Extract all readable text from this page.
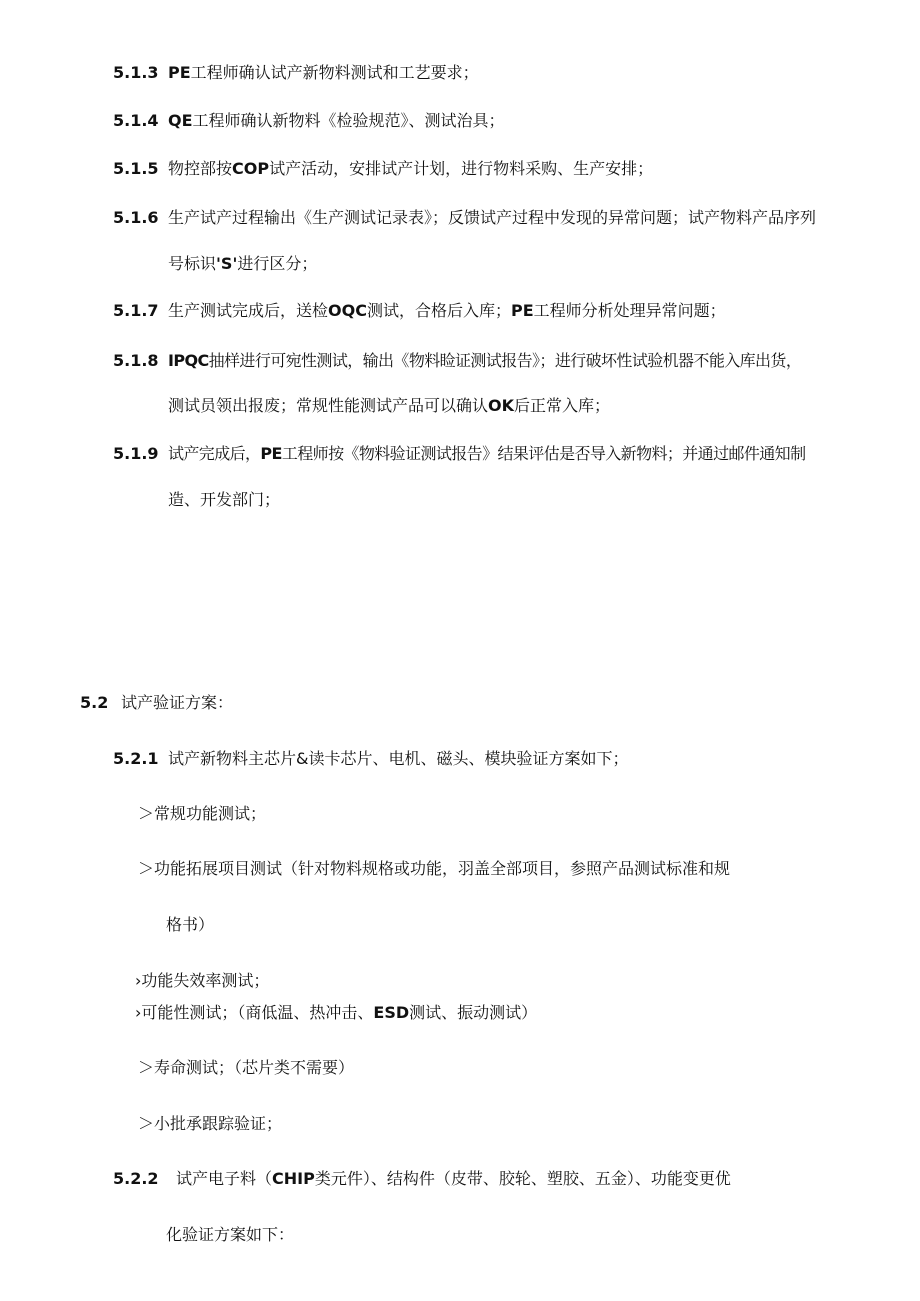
5.1.3 PE工程师确认试产新物料测试和工艺要求；
5.1.4 QE工程师确认新物料《检验规范》、测试治具；
5.1.5 物控部按COP试产活动，安排试产计划，进行物料采购、生产安排；
5.1.6 生产试产过程输出《生产测试记录表》；反馈试产过程中发现的异常问题；试产物料产品序列
号标识'S'进行区分；
5.1.7 生产测试完成后，送检OQC测试，合格后入库；PE工程师分析处理异常问题；
5.1.8 IPQC抽样进行可宛性测试，输出《物料睑证测试报告》；进行破坏性试验机器不能入库出货，
测试员领出报废；常规性能测试产品可以确认OK后正常入库；
5.1.9 试产完成后，PE工程师按《物料验证测试报告》结果评估是否导入新物料；并通过邮件通知制
造、开发部门；
5.2 试产验证方案：
5.2.1 试产新物料主芯片&读卡芯片、电机、磁头、模块验证方案如下；
＞常规功能测试；
＞功能拓展项目测试（针对物料规格或功能，羽盖全部项目，参照产品测试标准和规
格书）
›功能失效率测试；
›可能性测试；（商低温、热冲击、ESD测试、振动测试）
＞寿命测试；（芯片类不需要）
＞小批承跟踪验证；
5.2.2 试产电子料（CHIP类元件）、结构件（皮带、胶轮、塑胶、五金）、功能变更优
化验证方案如下：
